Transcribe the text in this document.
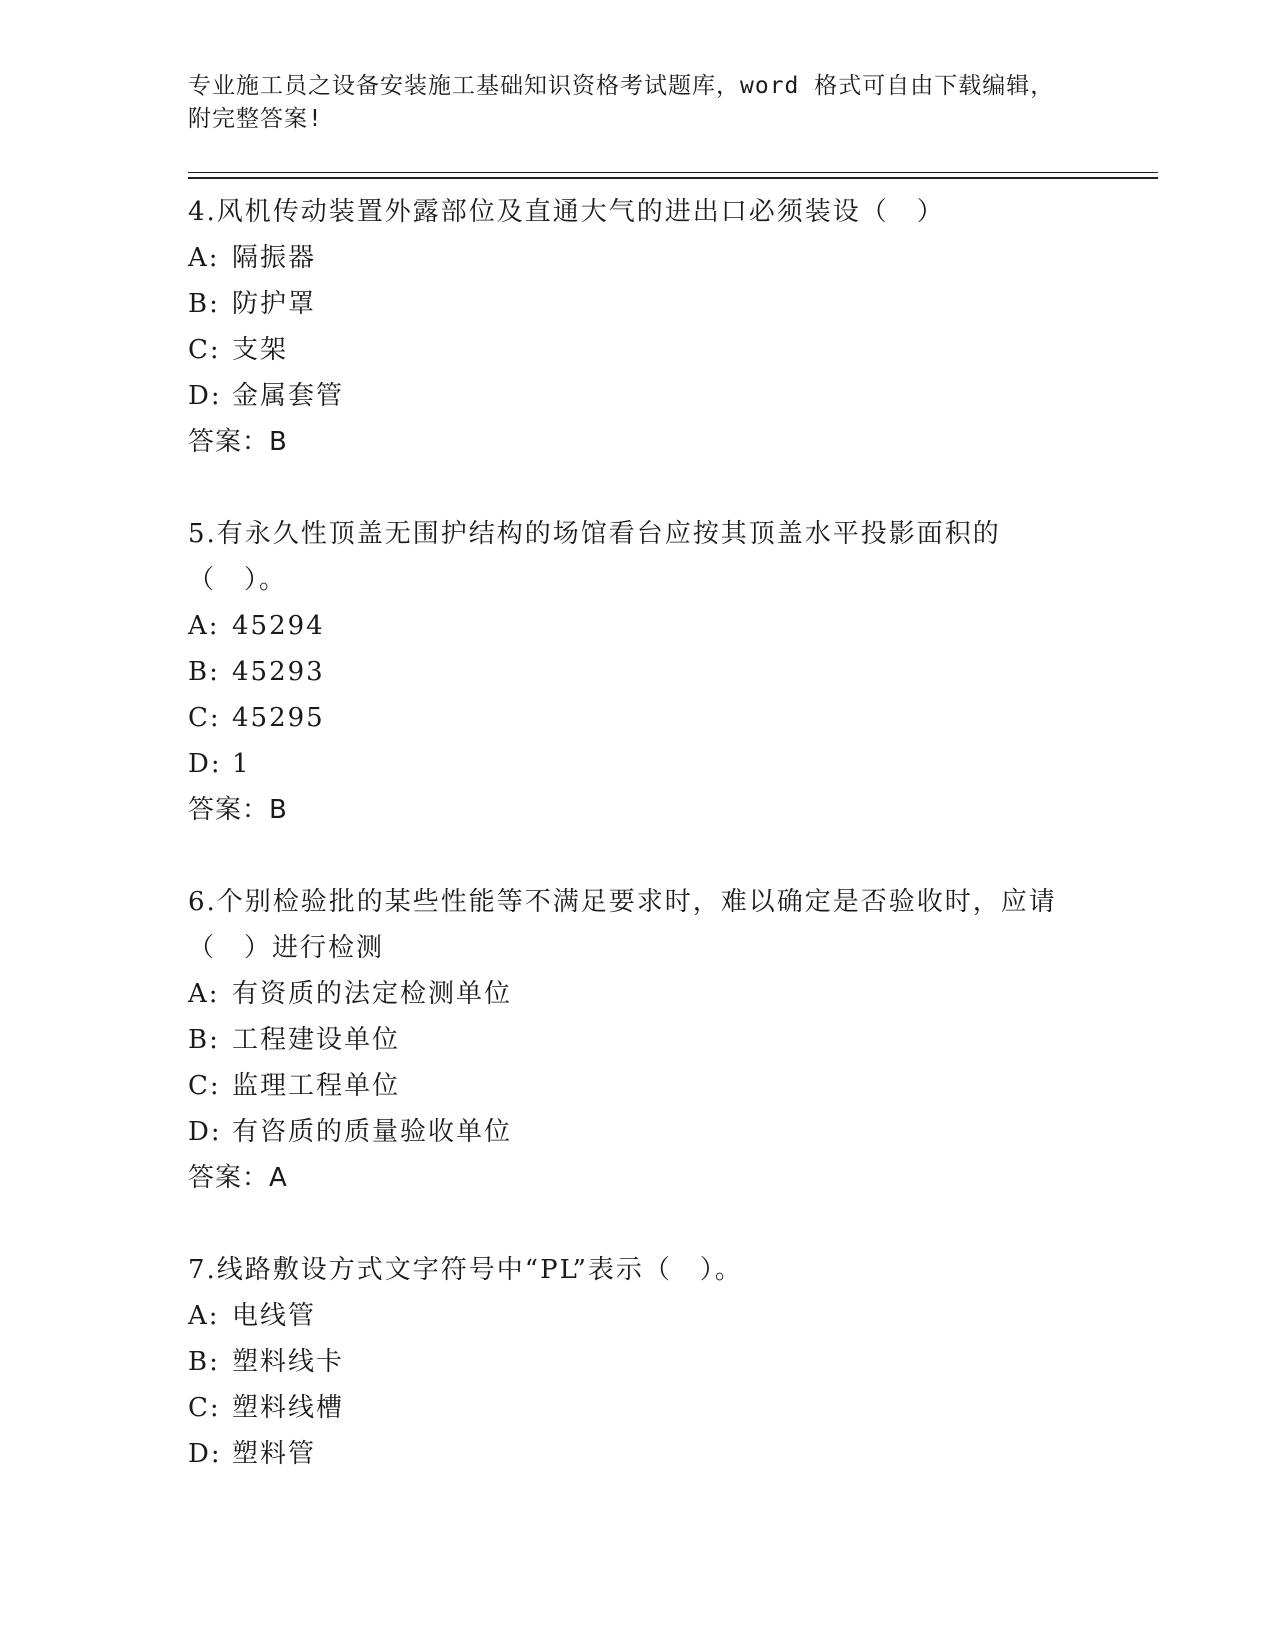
专业施工员之设备安装施工基础知识资格考试题库，word 格式可自由下载编辑，
附完整答案!
4.风机传动装置外露部位及直通大气的进出口必须装设（　）
A: 隔振器
B: 防护罩
C: 支架
D: 金属套管
答案：B
5.有永久性顶盖无围护结构的场馆看台应按其顶盖水平投影面积的（　）。
A: 45294
B: 45293
C: 45295
D: 1
答案：B
6.个别检验批的某些性能等不满足要求时，难以确定是否验收时，应请（　）进行检测
A: 有资质的法定检测单位
B: 工程建设单位
C: 监理工程单位
D: 有咨质的质量验收单位
答案：A
7.线路敷设方式文字符号中“PL”表示（　）。
A: 电线管
B: 塑料线卡
C: 塑料线槽
D: 塑料管
